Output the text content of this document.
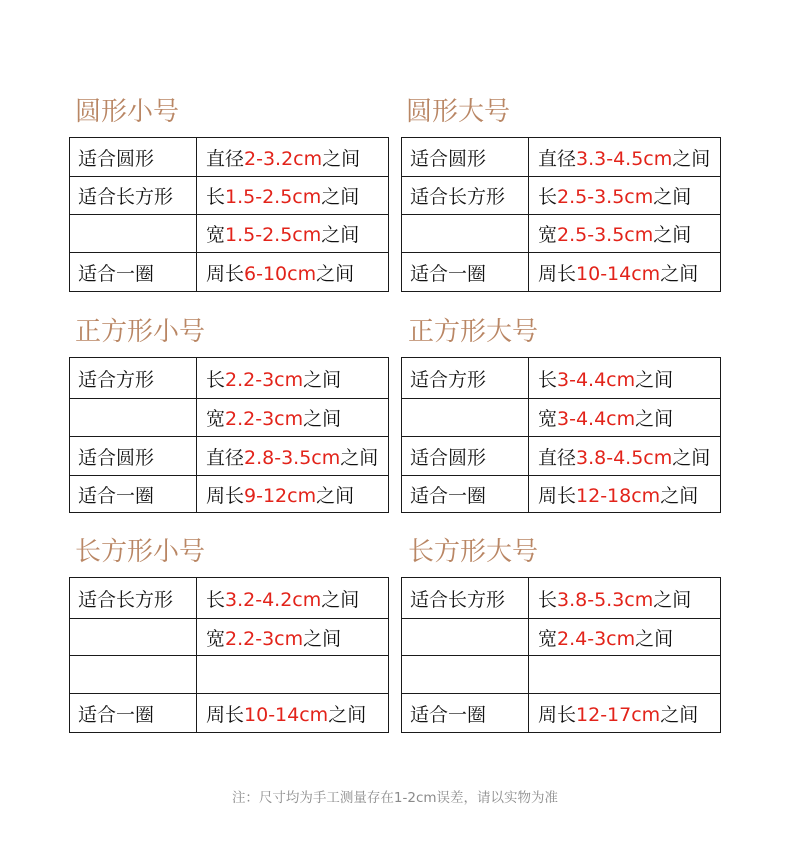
圆形小号
适合圆形	直径2-3.2cm之间
适合长方形	长1.5-2.5cm之间
	宽1.5-2.5cm之间
适合一圈	周长6-10cm之间
圆形大号
适合圆形	直径3.3-4.5cm之间
适合长方形	长2.5-3.5cm之间
	宽2.5-3.5cm之间
适合一圈	周长10-14cm之间
正方形小号
适合方形	长2.2-3cm之间
	宽2.2-3cm之间
适合圆形	直径2.8-3.5cm之间
适合一圈	周长9-12cm之间
正方形大号
适合方形	长3-4.4cm之间
	宽3-4.4cm之间
适合圆形	直径3.8-4.5cm之间
适合一圈	周长12-18cm之间
长方形小号
适合长方形	长3.2-4.2cm之间
	宽2.2-3cm之间

适合一圈	周长10-14cm之间
长方形大号
适合长方形	长3.8-5.3cm之间
	宽2.4-3cm之间

适合一圈	周长12-17cm之间
注：尺寸均为手工测量存在1-2cm误差，请以实物为准
